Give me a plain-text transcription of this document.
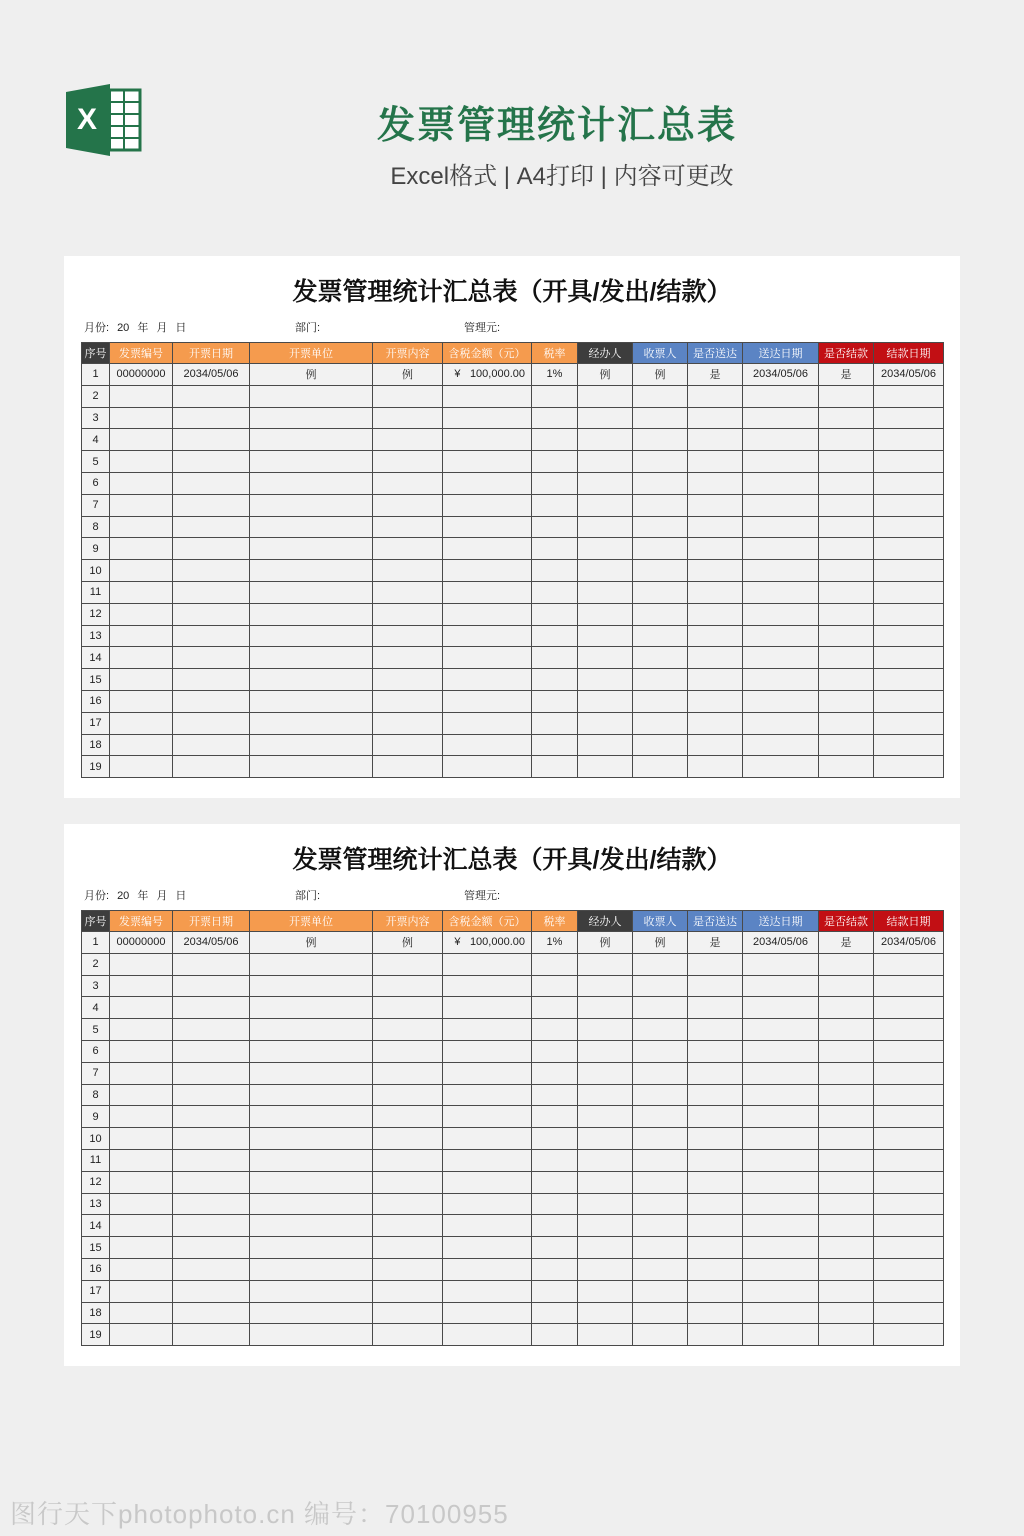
X	发票管理统计汇总表
Excel格式 | A4打印 | 内容可更改
发票管理统计汇总表（开具/发出/结款）
月份: 20 年 月 日	部门:	管理元:
序号	发票编号	开票日期	开票单位	开票内容	含税金额（元）	税率	经办人	收票人	是否送达	送达日期	是否结款	结款日期
1	00000000	2034/05/06	例	例	¥ 100,000.00	1%	例	例	是	2034/05/06	是	2034/05/06
2												
3												
4												
5												
6												
7												
8												
9												
10												
11												
12												
13												
14												
15												
16												
17												
18												
19												
发票管理统计汇总表（开具/发出/结款）
月份: 20 年 月 日	部门:	管理元:
序号	发票编号	开票日期	开票单位	开票内容	含税金额（元）	税率	经办人	收票人	是否送达	送达日期	是否结款	结款日期
1	00000000	2034/05/06	例	例	¥ 100,000.00	1%	例	例	是	2034/05/06	是	2034/05/06
2												
3												
4												
5												
6												
7												
8												
9												
10												
11												
12												
13												
14												
15												
16												
17												
18												
19												
图行天下photophoto.cn 编号：70100955
